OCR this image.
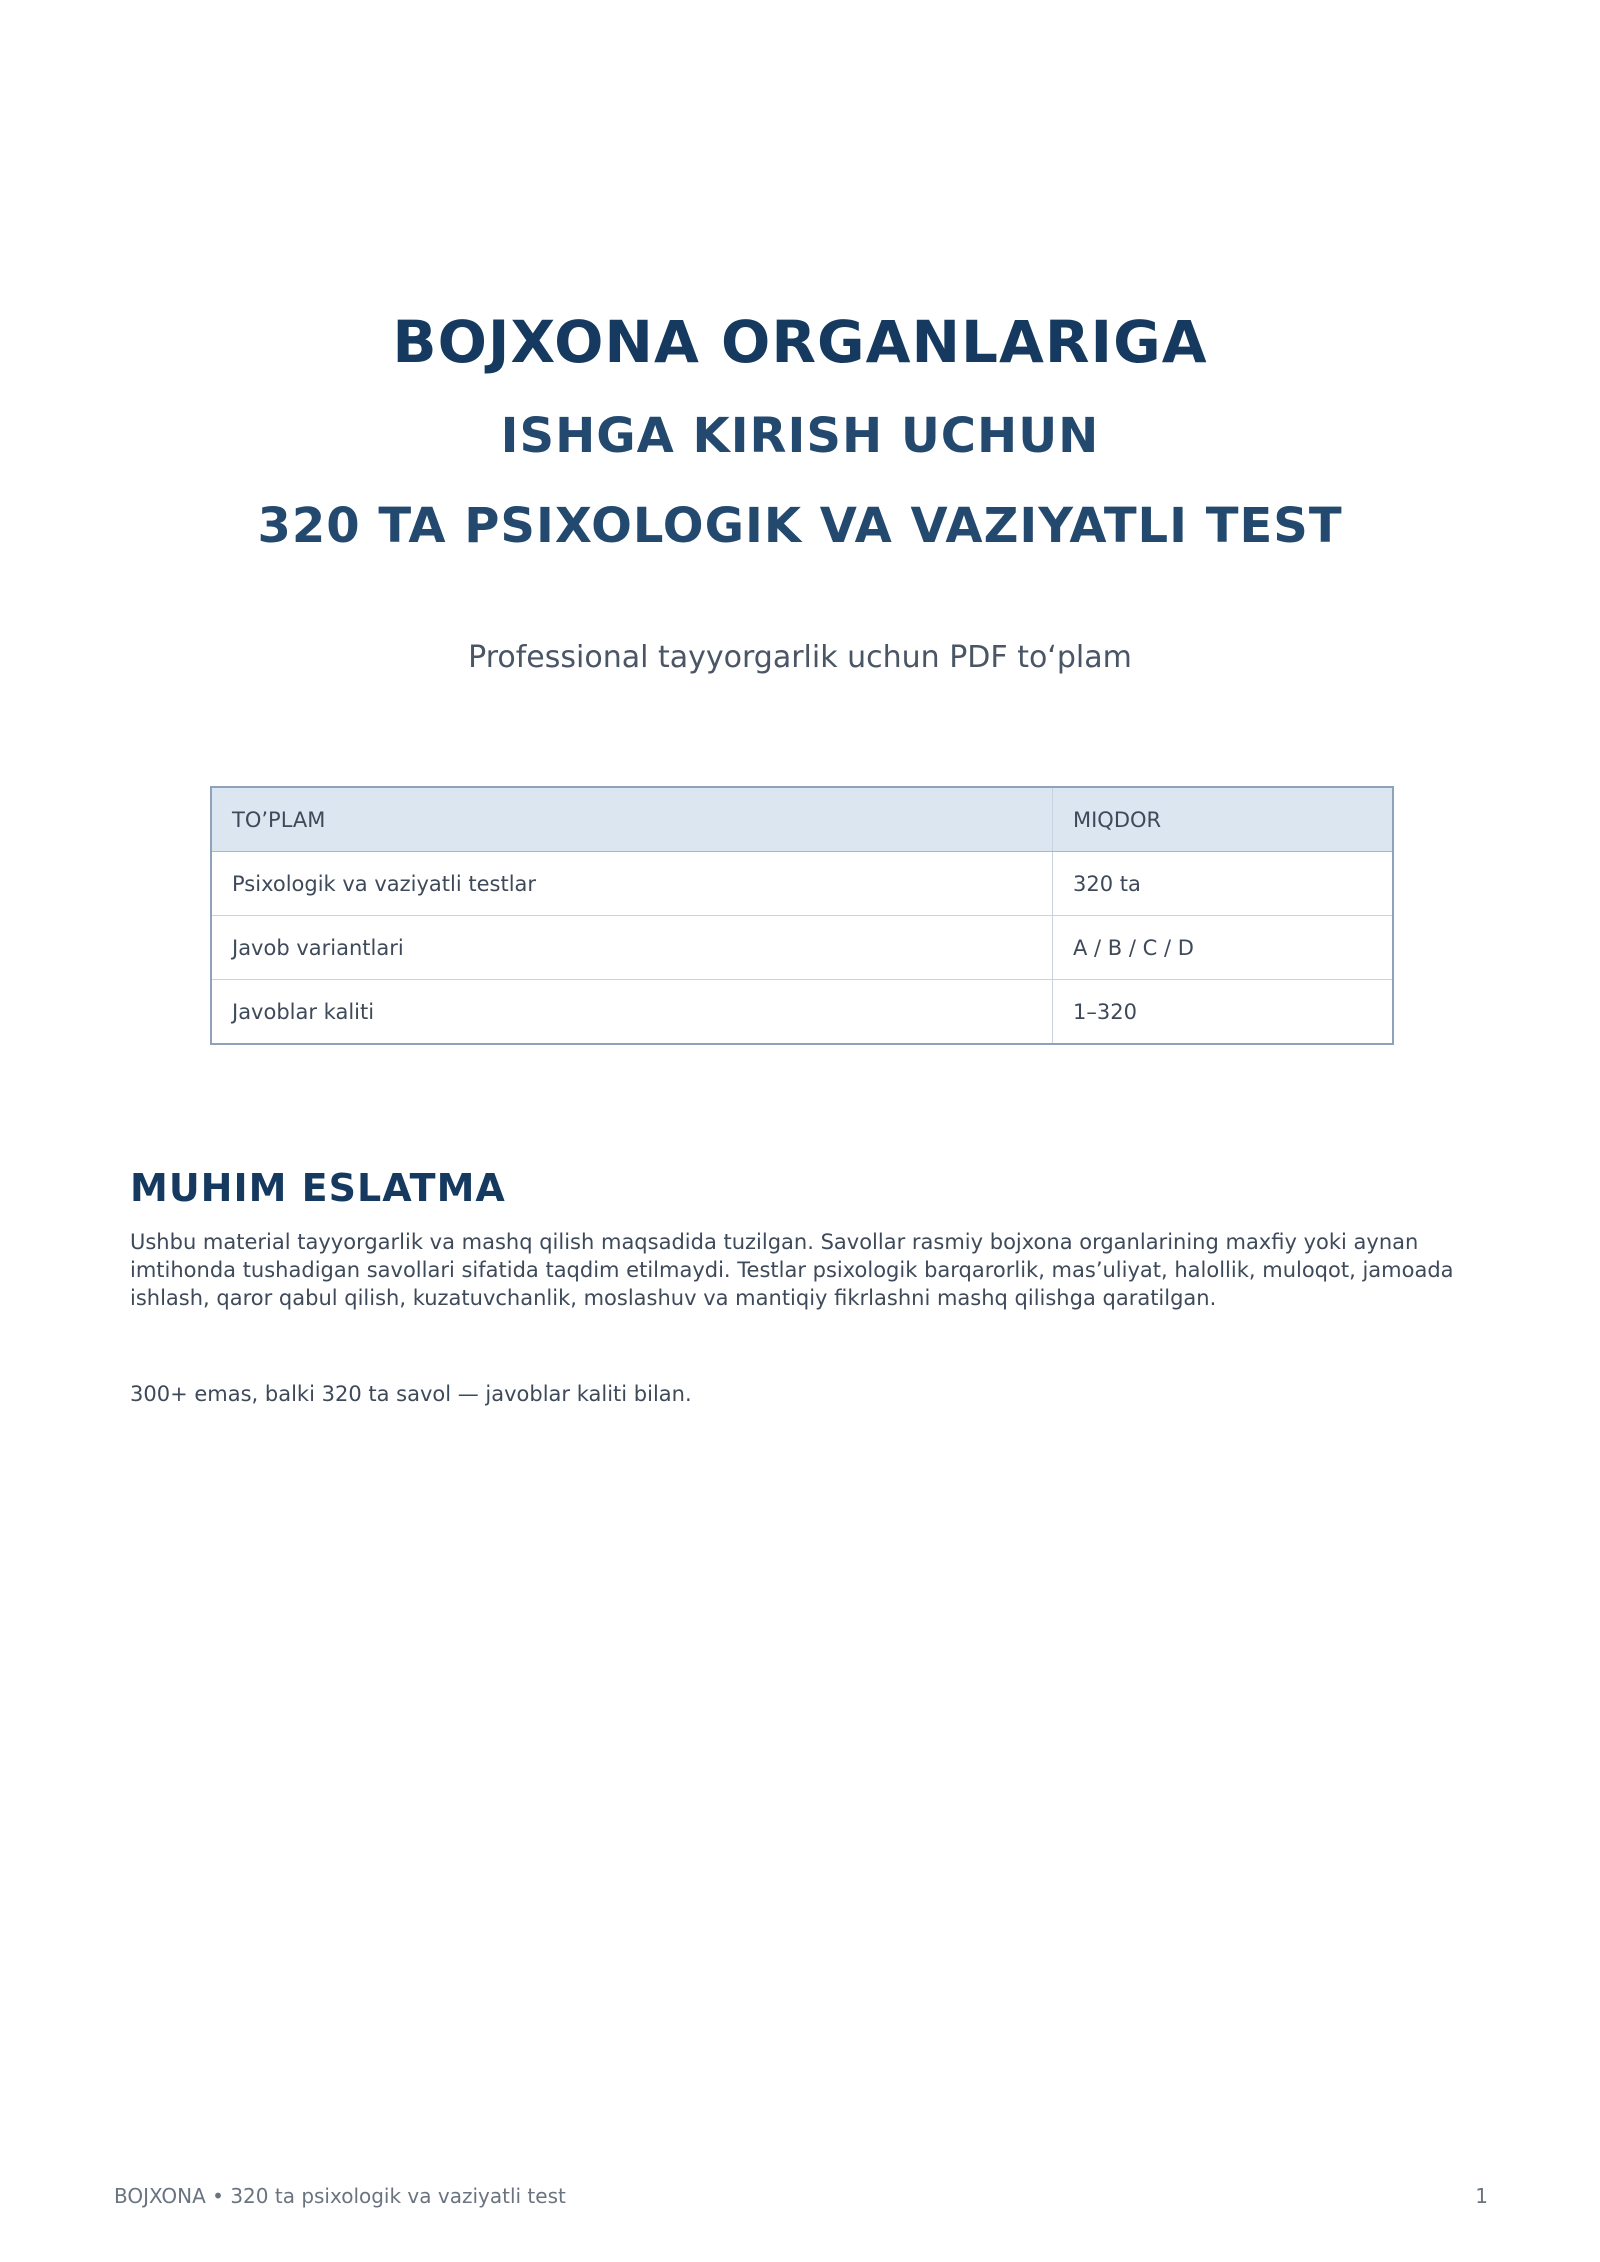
BOJXONA ORGANLARIGA
ISHGA KIRISH UCHUN
320 TA PSIXOLOGIK VA VAZIYATLI TEST
Professional tayyorgarlik uchun PDF to‘plam
TO’PLAM	MIQDOR
Psixologik va vaziyatli testlar	320 ta
Javob variantlari	A / B / C / D
Javoblar kaliti	1–320
MUHIM ESLATMA

Ushbu material tayyorgarlik va mashq qilish maqsadida tuzilgan. Savollar rasmiy bojxona organlarining maxfiy yoki aynan imtihonda tushadigan savollari sifatida taqdim etilmaydi. Testlar psixologik barqarorlik, mas’uliyat, halollik, muloqot, jamoada ishlash, qaror qabul qilish, kuzatuvchanlik, moslashuv va mantiqiy fikrlashni mashq qilishga qaratilgan.

300+ emas, balki 320 ta savol — javoblar kaliti bilan.

BOJXONA • 320 ta psixologik va vaziyatli test	1
